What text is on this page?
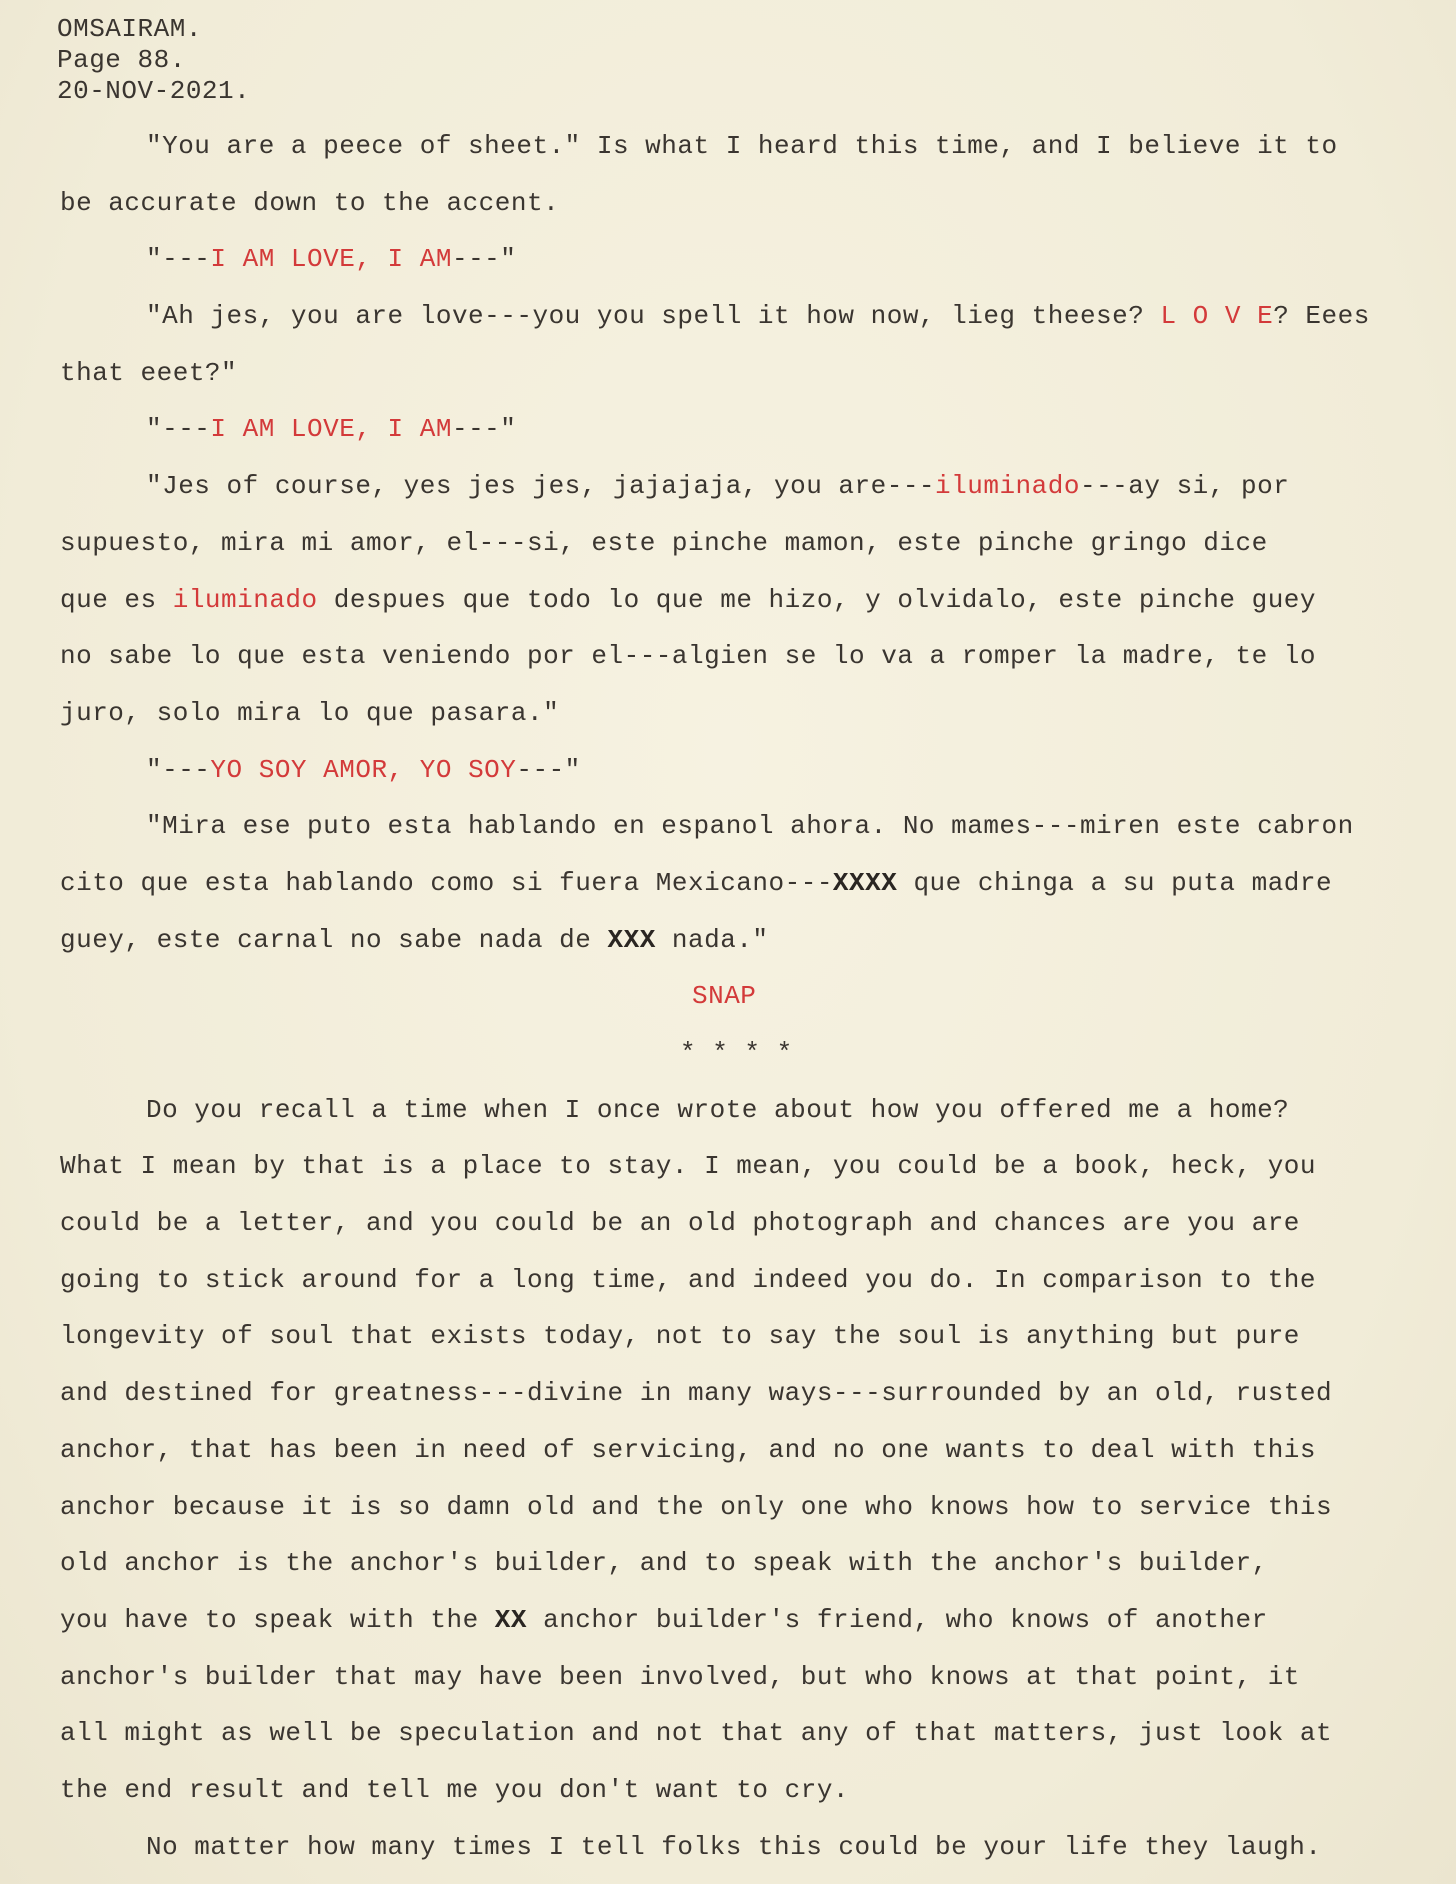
OMSAIRAM.
Page 88.
20-NOV-2021.
"You are a peece of sheet." Is what I heard this time, and I believe it to
be accurate down to the accent.
"---I AM LOVE, I AM---"
"Ah jes, you are love---you you spell it how now, lieg theese? L O V E? Eees
that eeet?"
"---I AM LOVE, I AM---"
"Jes of course, yes jes jes, jajajaja, you are---iluminado---ay si, por
supuesto, mira mi amor, el---si, este pinche mamon, este pinche gringo dice
que es iluminado despues que todo lo que me hizo, y olvidalo, este pinche guey
no sabe lo que esta veniendo por el---algien se lo va a romper la madre, te lo
juro, solo mira lo que pasara."
"---YO SOY AMOR, YO SOY---"
"Mira ese puto esta hablando en espanol ahora. No mames---miren este cabron
cito que esta hablando como si fuera Mexicano---XXXX que chinga a su puta madre
guey, este carnal no sabe nada de XXX nada."
SNAP
* * * *
Do you recall a time when I once wrote about how you offered me a home?
What I mean by that is a place to stay. I mean, you could be a book, heck, you
could be a letter, and you could be an old photograph and chances are you are
going to stick around for a long time, and indeed you do. In comparison to the
longevity of soul that exists today, not to say the soul is anything but pure
and destined for greatness---divine in many ways---surrounded by an old, rusted
anchor, that has been in need of servicing, and no one wants to deal with this
anchor because it is so damn old and the only one who knows how to service this
old anchor is the anchor's builder, and to speak with the anchor's builder,
you have to speak with the XX anchor builder's friend, who knows of another
anchor's builder that may have been involved, but who knows at that point, it
all might as well be speculation and not that any of that matters, just look at
the end result and tell me you don't want to cry.
No matter how many times I tell folks this could be your life they laugh.
